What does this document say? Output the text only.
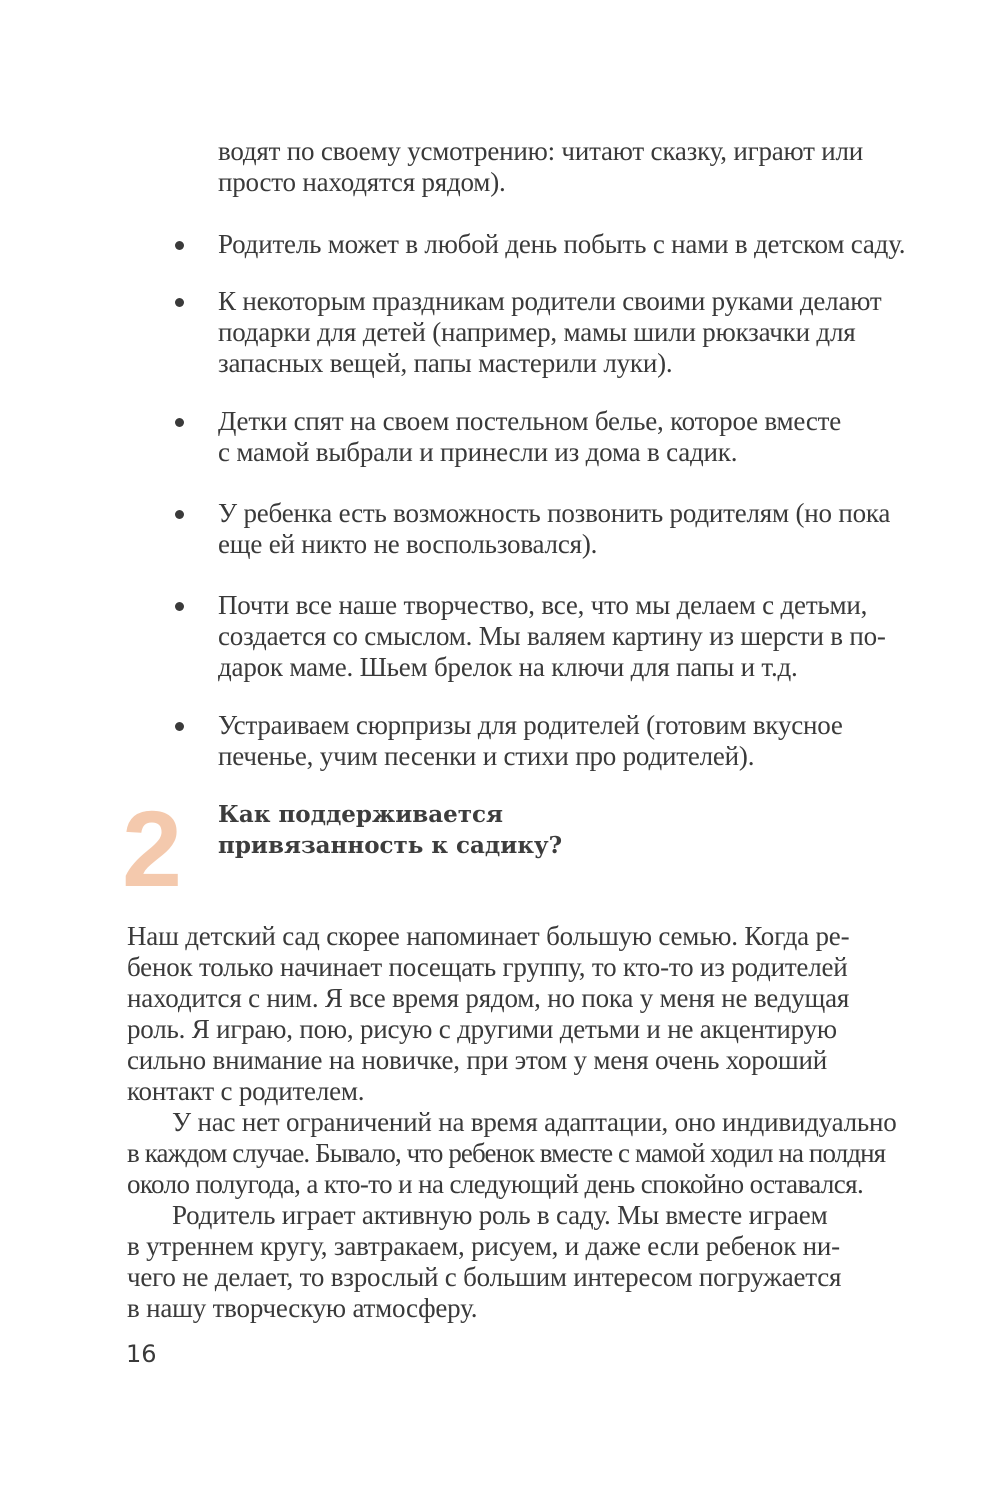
водят по своему усмотрению: читают сказку, играют или
просто находятся рядом).
Родитель может в любой день побыть с нами в детском саду.
К некоторым праздникам родители своими руками делают
подарки для детей (например, мамы шили рюкзачки для
запасных вещей, папы мастерили луки).
Детки спят на своем постельном белье, которое вместе
с мамой выбрали и принесли из дома в садик.
У ребенка есть возможность позвонить родителям (но пока
еще ей никто не воспользовался).
Почти все наше творчество, все, что мы делаем с детьми,
создается со смыслом. Мы валяем картину из шерсти в по-
дарок маме. Шьем брелок на ключи для папы и т.д.
Устраиваем сюрпризы для родителей (готовим вкусное
печенье, учим песенки и стихи про родителей).
2 Как поддерживается
привязанность к садику?
Наш детский сад скорее напоминает большую семью. Когда ре-
бенок только начинает посещать группу, то кто-то из родителей
находится с ним. Я все время рядом, но пока у меня не ведущая
роль. Я играю, пою, рисую с другими детьми и не акцентирую
сильно внимание на новичке, при этом у меня очень хороший
контакт с родителем.
У нас нет ограничений на время адаптации, оно индивидуально
в каждом случае. Бывало, что ребенок вместе с мамой ходил на полдня
около полугода, а кто-то и на следующий день спокойно оставался.
Родитель играет активную роль в саду. Мы вместе играем
в утреннем кругу, завтракаем, рисуем, и даже если ребенок ни-
чего не делает, то взрослый с большим интересом погружается
в нашу творческую атмосферу.
16
